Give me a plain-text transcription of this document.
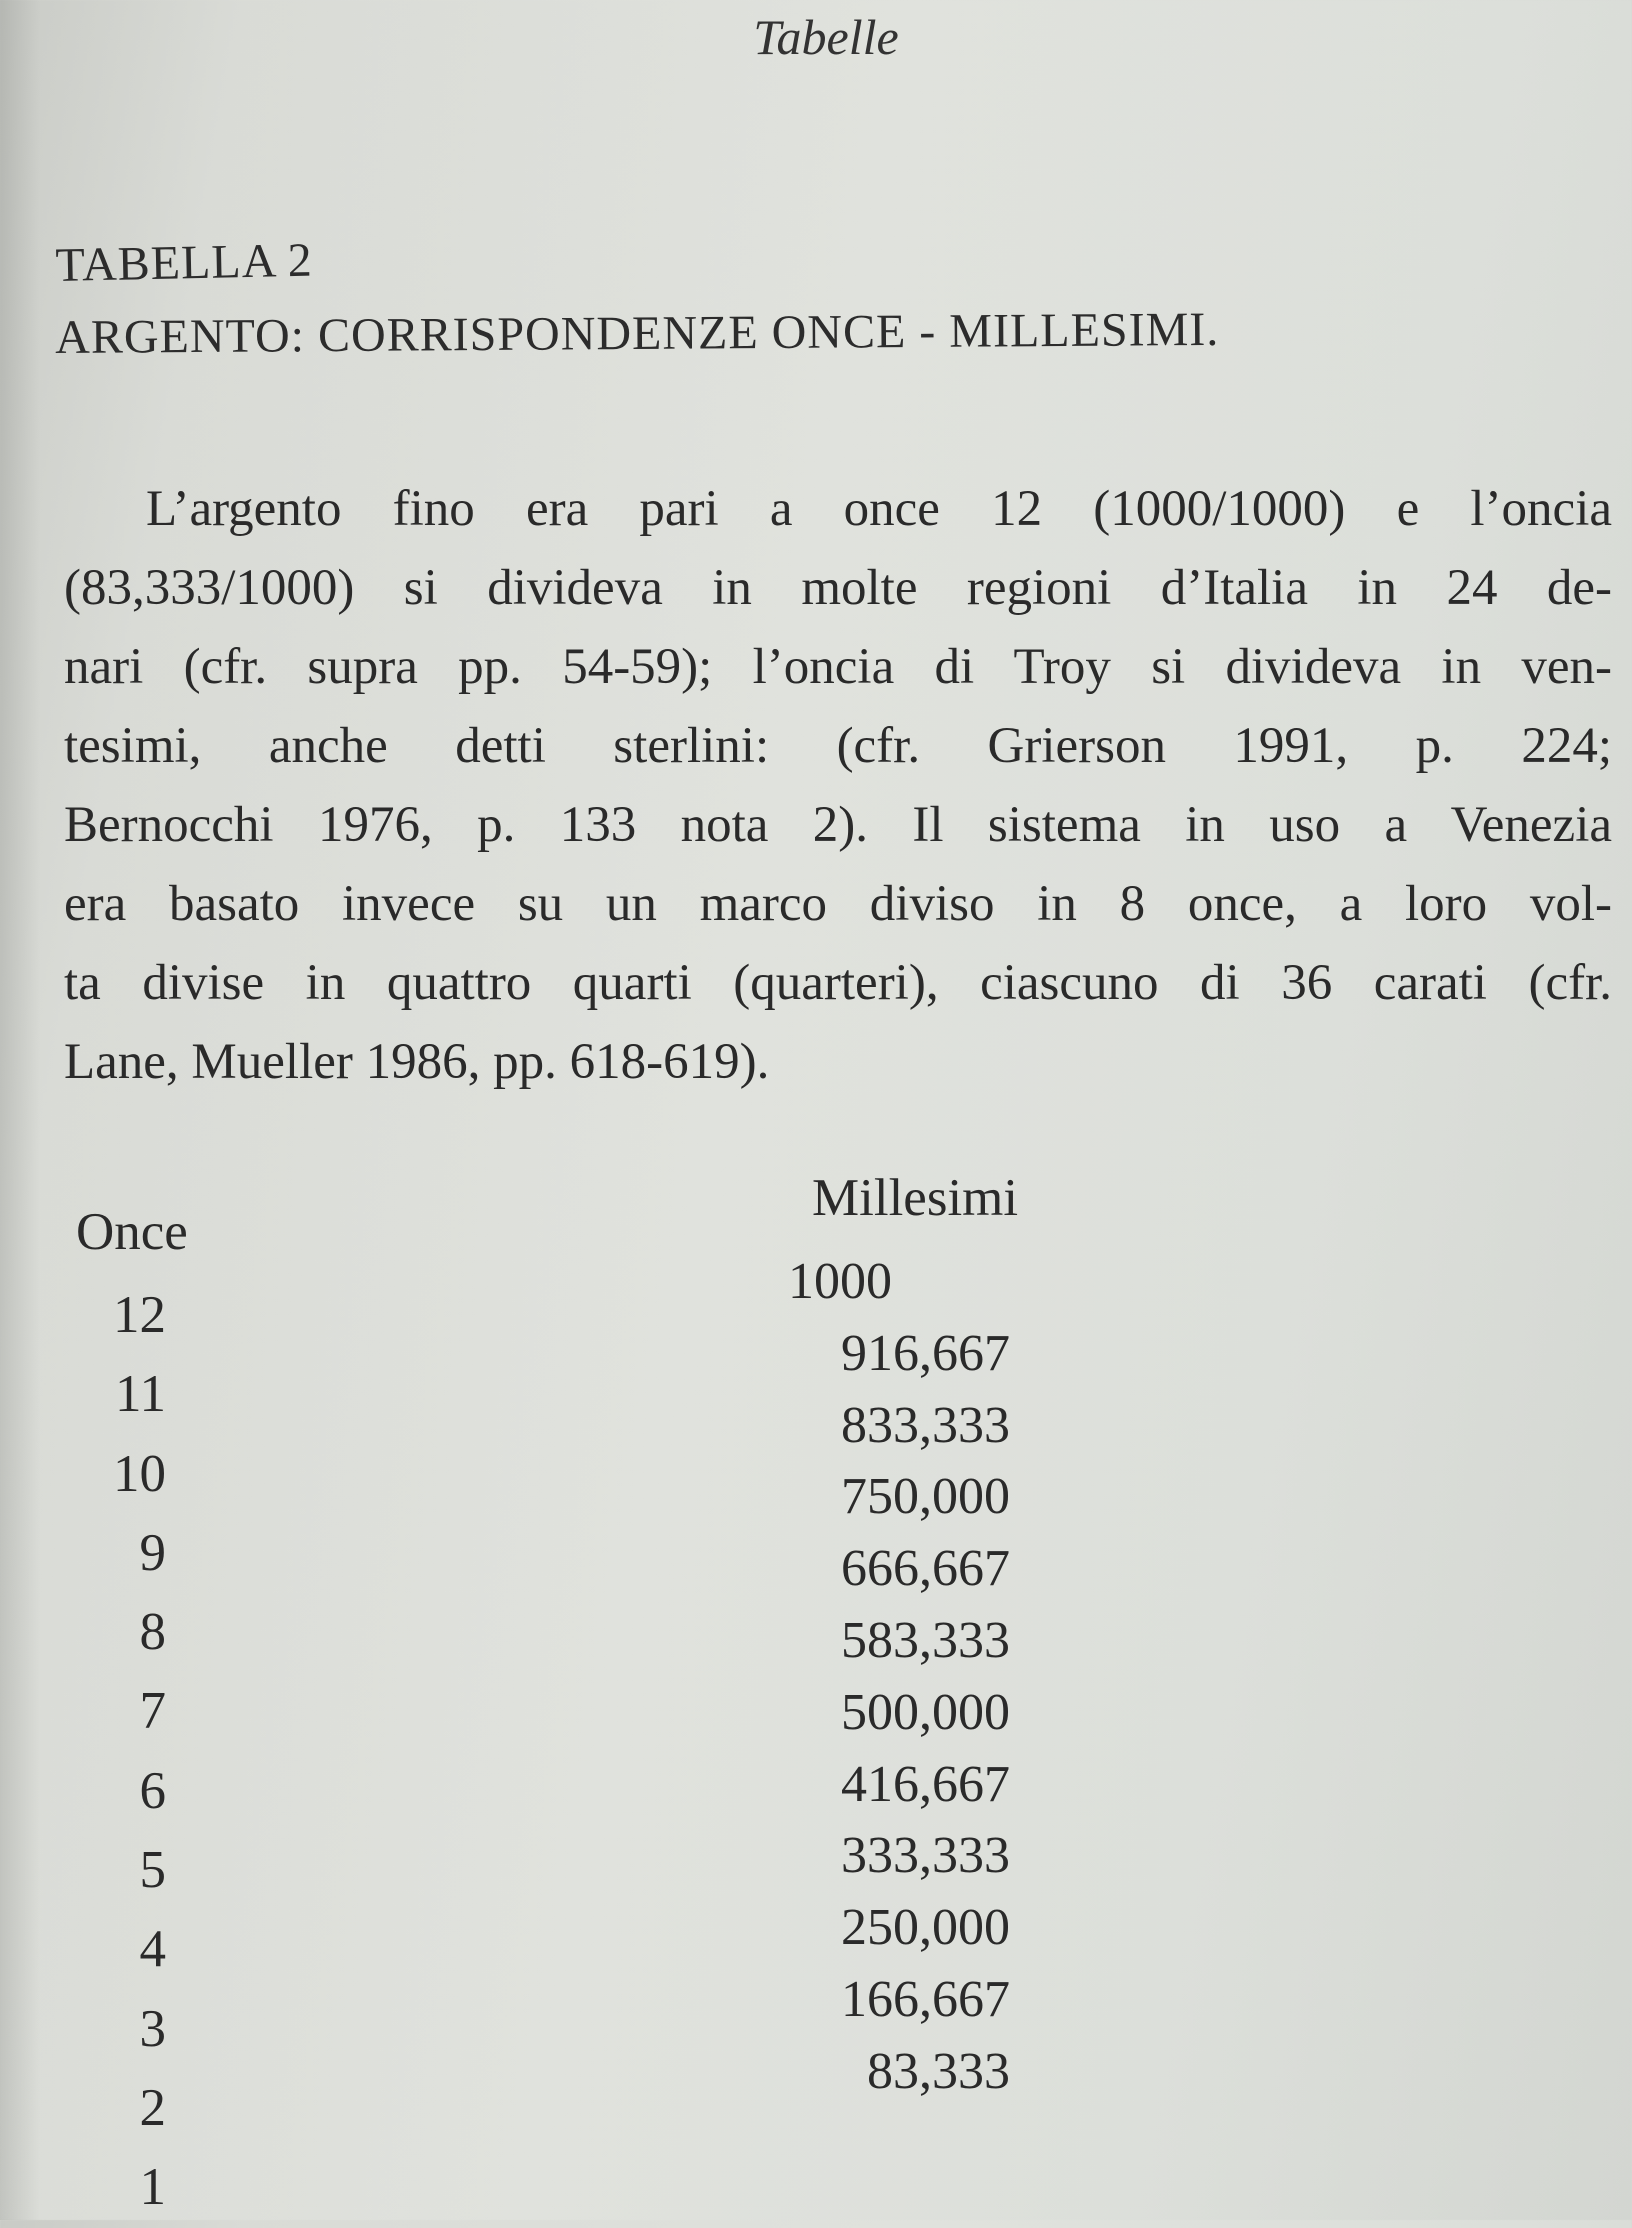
Tabelle
TABELLA 2
ARGENTO: CORRISPONDENZE ONCE - MILLESIMI.
L’argento fino era pari a once 12 (1000/1000) e l’oncia
(83,333/1000) si divideva in molte regioni d’Italia in 24 de-
nari (cfr. supra pp. 54-59); l’oncia di Troy si divideva in ven-
tesimi, anche detti sterlini: (cfr. Grierson 1991, p. 224;
Bernocchi 1976, p. 133 nota 2). Il sistema in uso a Venezia
era basato invece su un marco diviso in 8 once, a loro vol-
ta divise in quattro quarti (quarteri), ciascuno di 36 carati (cfr.
Lane, Mueller 1986, pp. 618-619).
Millesimi
Once
12
11
10
9
8
7
6
5
4
3
2
1
1000
916,667
833,333
750,000
666,667
583,333
500,000
416,667
333,333
250,000
166,667
83,333
